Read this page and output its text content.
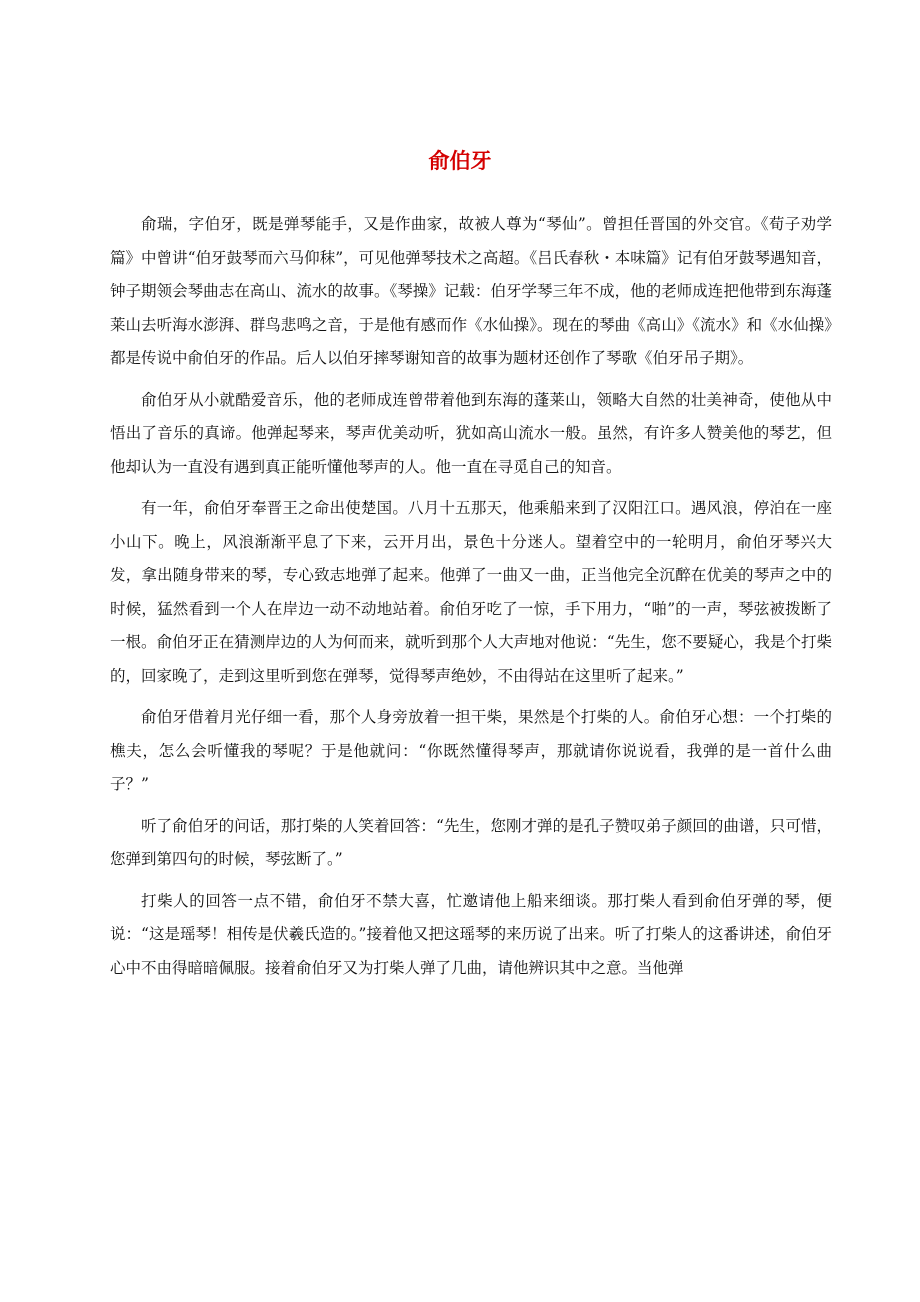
俞伯牙

俞瑞，字伯牙，既是弹琴能手，又是作曲家，故被人尊为“琴仙”。曾担任晋国的外交官。《荀子劝学篇》中曾讲“伯牙鼓琴而六马仰秣”，可见他弹琴技术之高超。《吕氏春秋・本味篇》记有伯牙鼓琴遇知音，钟子期领会琴曲志在高山、流水的故事。《琴操》记载：伯牙学琴三年不成，他的老师成连把他带到东海蓬莱山去听海水澎湃、群鸟悲鸣之音，于是他有感而作《水仙操》。现在的琴曲《高山》《流水》和《水仙操》都是传说中俞伯牙的作品。后人以伯牙摔琴谢知音的故事为题材还创作了琴歌《伯牙吊子期》。

俞伯牙从小就酷爱音乐，他的老师成连曾带着他到东海的蓬莱山，领略大自然的壮美神奇，使他从中悟出了音乐的真谛。他弹起琴来，琴声优美动听，犹如高山流水一般。虽然，有许多人赞美他的琴艺，但他却认为一直没有遇到真正能听懂他琴声的人。他一直在寻觅自己的知音。

有一年，俞伯牙奉晋王之命出使楚国。八月十五那天，他乘船来到了汉阳江口。遇风浪，停泊在一座小山下。晚上，风浪渐渐平息了下来，云开月出，景色十分迷人。望着空中的一轮明月，俞伯牙琴兴大发，拿出随身带来的琴，专心致志地弹了起来。他弹了一曲又一曲，正当他完全沉醉在优美的琴声之中的时候，猛然看到一个人在岸边一动不动地站着。俞伯牙吃了一惊，手下用力，“啪”的一声，琴弦被拨断了一根。俞伯牙正在猜测岸边的人为何而来，就听到那个人大声地对他说：“先生，您不要疑心，我是个打柴的，回家晚了，走到这里听到您在弹琴，觉得琴声绝妙，不由得站在这里听了起来。”

俞伯牙借着月光仔细一看，那个人身旁放着一担干柴，果然是个打柴的人。俞伯牙心想：一个打柴的樵夫，怎么会听懂我的琴呢？于是他就问：“你既然懂得琴声，那就请你说说看，我弹的是一首什么曲子？”

听了俞伯牙的问话，那打柴的人笑着回答：“先生，您刚才弹的是孔子赞叹弟子颜回的曲谱，只可惜，您弹到第四句的时候，琴弦断了。”

打柴人的回答一点不错，俞伯牙不禁大喜，忙邀请他上船来细谈。那打柴人看到俞伯牙弹的琴，便说：“这是瑶琴！相传是伏羲氏造的。”接着他又把这瑶琴的来历说了出来。听了打柴人的这番讲述，俞伯牙心中不由得暗暗佩服。接着俞伯牙又为打柴人弹了几曲，请他辨识其中之意。当他弹
